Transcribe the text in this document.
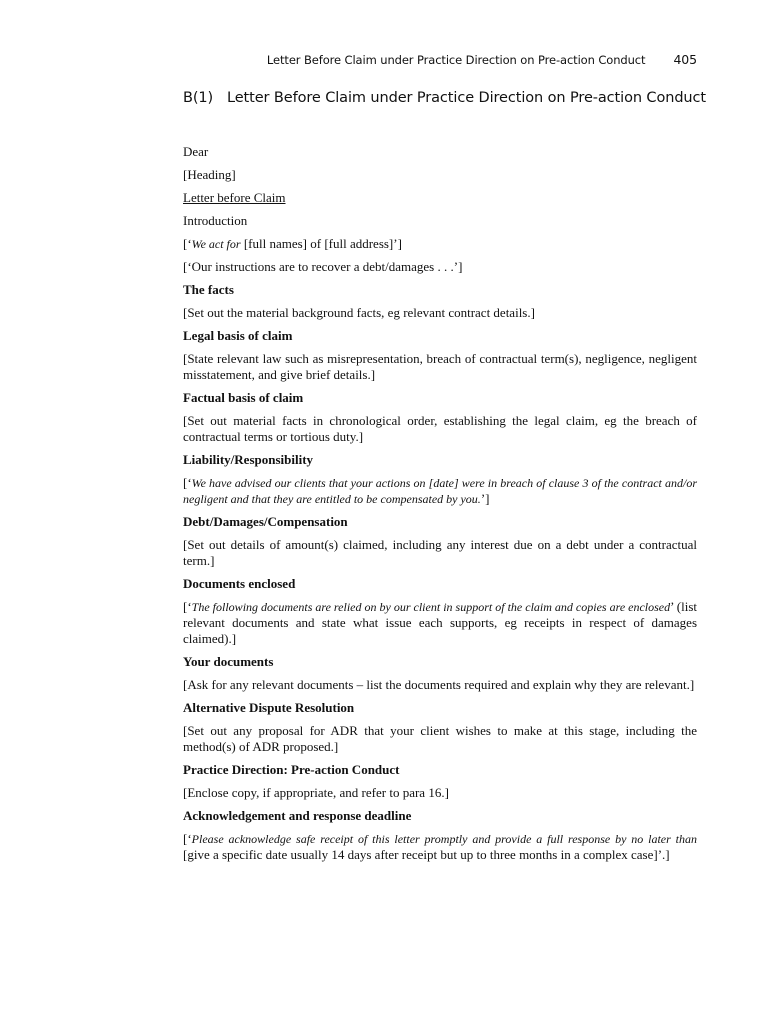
Letter Before Claim under Practice Direction on Pre-action Conduct 405
B(1) Letter Before Claim under Practice Direction on Pre-action Conduct

Dear

[Heading]

Letter before Claim

Introduction

[‘We act for [full names] of [full address]’]

[‘Our instructions are to recover a debt/damages . . .’]

The facts

[Set out the material background facts, eg relevant contract details.]

Legal basis of claim

[State relevant law such as misrepresentation, breach of contractual term(s), negligence, negligent misstatement, and give brief details.]

Factual basis of claim

[Set out material facts in chronological order, establishing the legal claim, eg the breach of contractual terms or tortious duty.]

Liability/Responsibility

[‘We have advised our clients that your actions on [date] were in breach of clause 3 of the contract and/or negligent and that they are entitled to be compensated by you.’]

Debt/Damages/Compensation

[Set out details of amount(s) claimed, including any interest due on a debt under a contractual term.]

Documents enclosed

[‘The following documents are relied on by our client in support of the claim and copies are enclosed’ (list relevant documents and state what issue each supports, eg receipts in respect of damages claimed).]

Your documents

[Ask for any relevant documents – list the documents required and explain why they are relevant.]

Alternative Dispute Resolution

[Set out any proposal for ADR that your client wishes to make at this stage, including the method(s) of ADR proposed.]

Practice Direction: Pre-action Conduct

[Enclose copy, if appropriate, and refer to para 16.]

Acknowledgement and response deadline

[‘Please acknowledge safe receipt of this letter promptly and provide a full response by no later than [give a specific date usually 14 days after receipt but up to three months in a complex case]’.]
